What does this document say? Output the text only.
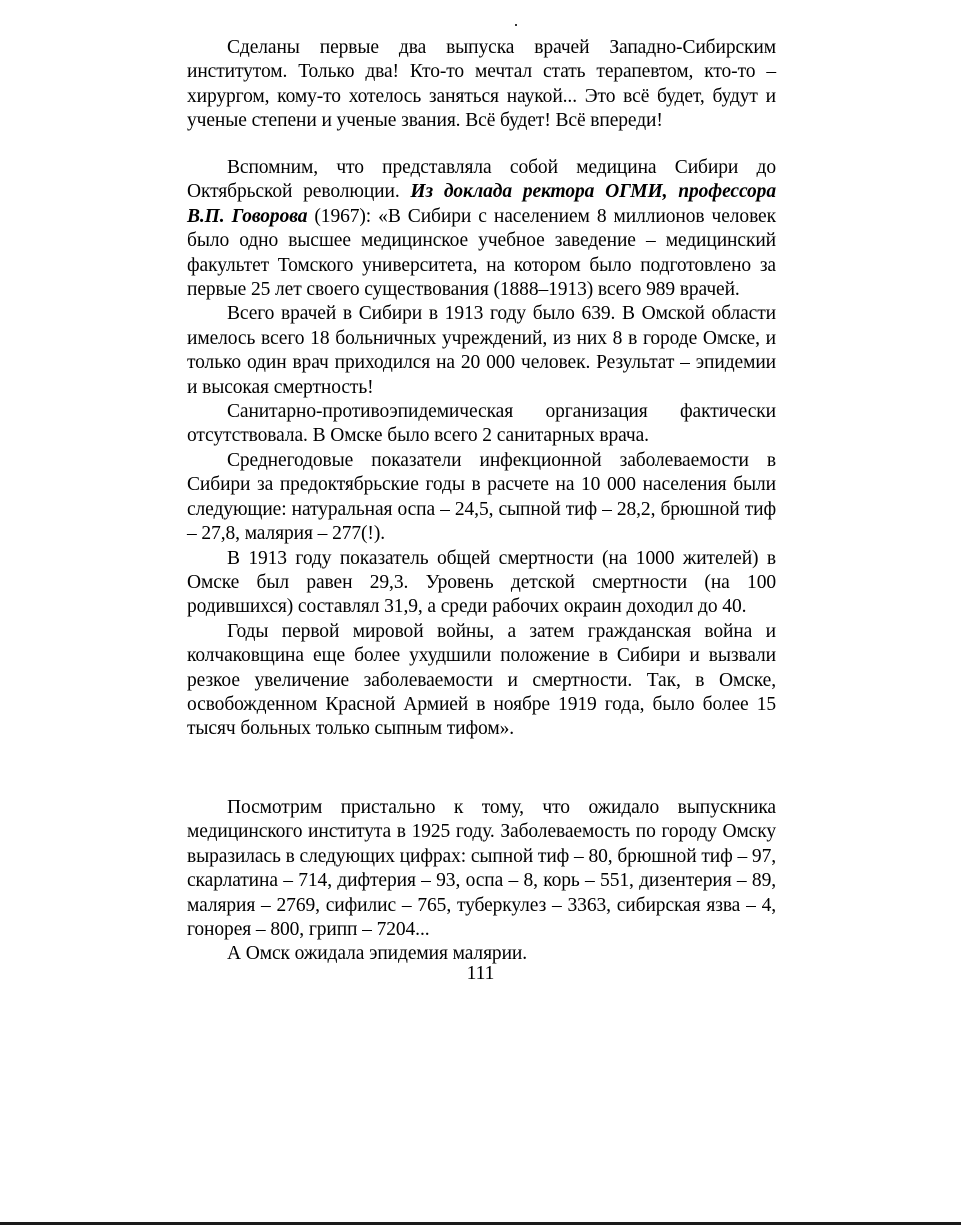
Сделаны первые два выпуска врачей Западно-Сибирским институтом. Только два! Кто-то мечтал стать терапевтом, кто-то – хирургом, кому-то хотелось заняться наукой... Это всё будет, будут и ученые степени и ученые звания. Всё будет! Всё впереди!

Вспомним, что представляла собой медицина Сибири до Октябрьской революции. Из доклада ректора ОГМИ, профессора В.П. Говорова (1967): «В Сибири с населением 8 миллионов человек было одно высшее медицинское учебное заведение – медицинский факультет Томского университета, на котором было подготовлено за первые 25 лет своего существования (1888–1913) всего 989 врачей.

Всего врачей в Сибири в 1913 году было 639. В Омской области имелось всего 18 больничных учреждений, из них 8 в городе Омске, и только один врач приходился на 20 000 человек. Результат – эпидемии и высокая смертность!

Санитарно-противоэпидемическая организация фактически отсутствовала. В Омске было всего 2 санитарных врача.

Среднегодовые показатели инфекционной заболеваемости в Сибири за предоктябрьские годы в расчете на 10 000 населения были следующие: натуральная оспа – 24,5, сыпной тиф – 28,2, брюшной тиф – 27,8, малярия – 277(!).

В 1913 году показатель общей смертности (на 1000 жителей) в Омске был равен 29,3. Уровень детской смертности (на 100 родившихся) составлял 31,9, а среди рабочих окраин доходил до 40.

Годы первой мировой войны, а затем гражданская война и колчаковщина еще более ухудшили положение в Сибири и вызвали резкое увеличение заболеваемости и смертности. Так, в Омске, освобожденном Красной Армией в ноябре 1919 года, было более 15 тысяч больных только сыпным тифом».

Посмотрим пристально к тому, что ожидало выпускника медицинского института в 1925 году. Заболеваемость по городу Омску выразилась в следующих цифрах: сыпной тиф – 80, брюшной тиф – 97, скарлатина – 714, дифтерия – 93, оспа – 8, корь – 551, дизентерия – 89, малярия – 2769, сифилис – 765, туберкулез – 3363, сибирская язва – 4, гонорея – 800, грипп – 7204...

А Омск ожидала эпидемия малярии.

111
